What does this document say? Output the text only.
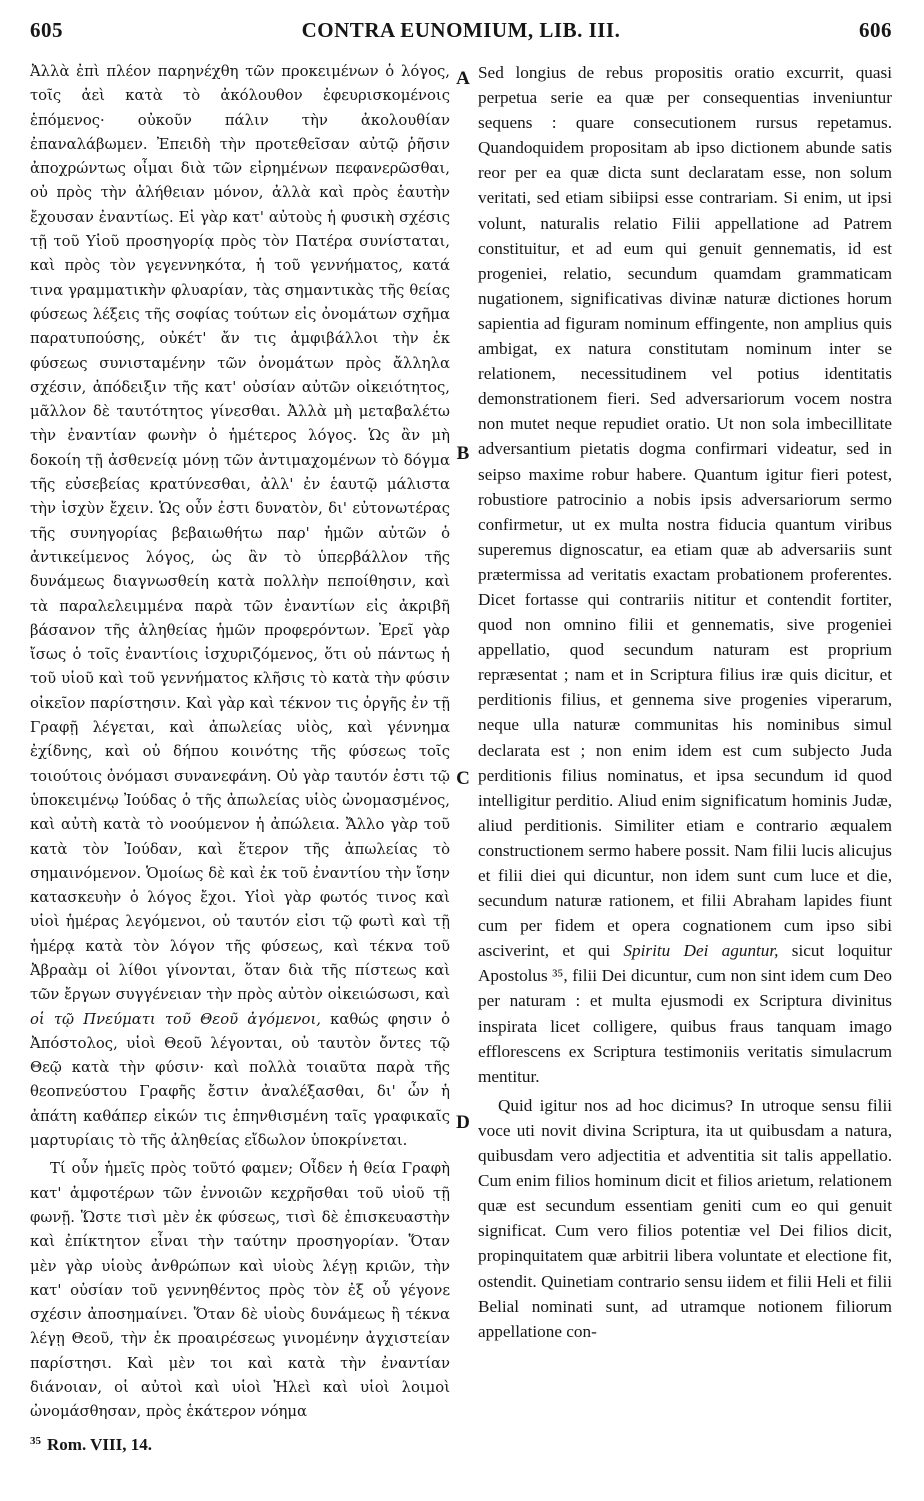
605	CONTRA EUNOMIUM, LIB. III.	606

Ἀλλὰ ἐπὶ πλέον παρηνέχθη τῶν προκειμένων ὁ λόγος, τοῖς ἀεὶ κατὰ τὸ ἀκόλουθον ἐφευρισκομένοις ἑπόμενος· οὐκοῦν πάλιν τὴν ἀκολουθίαν ἐπαναλάβωμεν. Ἐπειδὴ τὴν προτεθεῖσαν αὐτῷ ῥῆσιν ἀποχρώντως οἶμαι διὰ τῶν εἰρημένων πεφανερῶσθαι, οὐ πρὸς τὴν ἀλήθειαν μόνον, ἀλλὰ καὶ πρὸς ἑαυτὴν ἔχουσαν ἐναντίως. Εἰ γὰρ κατ' αὐτοὺς ἡ φυσικὴ σχέσις τῇ τοῦ Υἱοῦ προσηγορίᾳ πρὸς τὸν Πατέρα συνίσταται, καὶ πρὸς τὸν γεγεννηκότα, ἡ τοῦ γεννήματος, κατά τινα γραμματικὴν φλυαρίαν, τὰς σημαντικὰς τῆς θείας φύσεως λέξεις τῆς σοφίας τούτων εἰς ὀνομάτων σχῆμα παρατυπούσης, οὐκέτ' ἄν τις ἀμφιβάλλοι τὴν ἐκ φύσεως συνισταμένην τῶν ὀνομάτων πρὸς ἄλληλα σχέσιν, ἀπόδειξιν τῆς κατ' οὐσίαν αὐτῶν οἰκειότητος, μᾶλλον δὲ ταυτότητος γίνεσθαι. Ἀλλὰ μὴ μεταβαλέτω τὴν ἐναντίαν φωνὴν ὁ ἡμέτερος λόγος. Ὡς ἂν μὴ δοκοίη τῇ ἀσθενείᾳ μόνῃ τῶν ἀντιμαχομένων τὸ δόγμα τῆς εὐσεβείας κρατύνεσθαι, ἀλλ' ἐν ἑαυτῷ μάλιστα τὴν ἰσχὺν ἔχειν. Ὡς οὖν ἐστι δυνατὸν, δι' εὐτονωτέρας τῆς συνηγορίας βεβαιωθήτω παρ' ἡμῶν αὐτῶν ὁ ἀντικείμενος λόγος, ὡς ἂν τὸ ὑπερβάλλον τῆς δυνάμεως διαγνωσθείη κατὰ πολλὴν πεποίθησιν, καὶ τὰ παραλελειμμένα παρὰ τῶν ἐναντίων εἰς ἀκριβῆ βάσανον τῆς ἀληθείας ἡμῶν προφερόντων. Ἐρεῖ γὰρ ἴσως ὁ τοῖς ἐναντίοις ἰσχυριζόμενος, ὅτι οὐ πάντως ἡ τοῦ υἱοῦ καὶ τοῦ γεννήματος κλῆσις τὸ κατὰ τὴν φύσιν οἰκεῖον παρίστησιν. Καὶ γὰρ καὶ τέκνον τις ὀργῆς ἐν τῇ Γραφῇ λέγεται, καὶ ἀπωλείας υἱὸς, καὶ γέννημα ἐχίδνης, καὶ οὐ δήπου κοινότης τῆς φύσεως τοῖς τοιούτοις ὀνόμασι συνανεφάνη. Οὐ γὰρ ταυτόν ἐστι τῷ ὑποκειμένῳ Ἰούδας ὁ τῆς ἀπωλείας υἱὸς ὠνομασμένος, καὶ αὐτὴ κατὰ τὸ νοούμενον ἡ ἀπώλεια. Ἄλλο γὰρ τοῦ κατὰ τὸν Ἰούδαν, καὶ ἕτερον τῆς ἀπωλείας τὸ σημαινόμενον. Ὁμοίως δὲ καὶ ἐκ τοῦ ἐναντίου τὴν ἴσην κατασκευὴν ὁ λόγος ἔχοι. Υἱοὶ γὰρ φωτός τινος καὶ υἱοὶ ἡμέρας λεγόμενοι, οὐ ταυτόν εἰσι τῷ φωτὶ καὶ τῇ ἡμέρᾳ κατὰ τὸν λόγον τῆς φύσεως, καὶ τέκνα τοῦ Ἀβραὰμ οἱ λίθοι γίνονται, ὅταν διὰ τῆς πίστεως καὶ τῶν ἔργων συγγένειαν τὴν πρὸς αὐτὸν οἰκειώσωσι, καὶ οἱ τῷ Πνεύματι τοῦ Θεοῦ ἀγόμενοι, καθώς φησιν ὁ Ἀπόστολος, υἱοὶ Θεοῦ λέγονται, οὐ ταυτὸν ὄντες τῷ Θεῷ κατὰ τὴν φύσιν· καὶ πολλὰ τοιαῦτα παρὰ τῆς θεοπνεύστου Γραφῆς ἔστιν ἀναλέξασθαι, δι' ὧν ἡ ἀπάτη καθάπερ εἰκών τις ἐπηνθισμένη ταῖς γραφικαῖς μαρτυρίαις τὸ τῆς ἀληθείας εἴδωλον ὑποκρίνεται.

Τί οὖν ἡμεῖς πρὸς τοῦτό φαμεν; Οἶδεν ἡ θεία Γραφὴ κατ' ἀμφοτέρων τῶν ἐννοιῶν κεχρῆσθαι τοῦ υἱοῦ τῇ φωνῇ. Ὥστε τισὶ μὲν ἐκ φύσεως, τισὶ δὲ ἐπισκευαστὴν καὶ ἐπίκτητον εἶναι τὴν ταύτην προσηγορίαν. Ὅταν μὲν γὰρ υἱοὺς ἀνθρώπων καὶ υἱοὺς λέγῃ κριῶν, τὴν κατ' οὐσίαν τοῦ γεννηθέντος πρὸς τὸν ἐξ οὗ γέγονε σχέσιν ἀποσημαίνει. Ὅταν δὲ υἱοὺς δυνάμεως ἢ τέκνα λέγῃ Θεοῦ, τὴν ἐκ προαιρέσεως γινομένην ἀγχιστείαν παρίστησι. Καὶ μὲν τοι καὶ κατὰ τὴν ἐναντίαν διάνοιαν, οἱ αὐτοὶ καὶ υἱοὶ Ἠλεὶ καὶ υἱοὶ λοιμοὶ ὠνομάσθησαν, πρὸς ἑκάτερον νόημα

A
B
C
D

Sed longius de rebus propositis oratio excurrit, quasi perpetua serie ea quæ per consequentias inveniuntur sequens : quare consecutionem rursus repetamus. Quandoquidem propositam ab ipso dictionem abunde satis reor per ea quæ dicta sunt declaratam esse, non solum veritati, sed etiam sibiipsi esse contrariam. Si enim, ut ipsi volunt, naturalis relatio Filii appellatione ad Patrem constituitur, et ad eum qui genuit gennematis, id est progeniei, relatio, secundum quamdam grammaticam nugationem, significativas divinæ naturæ dictiones horum sapientia ad figuram nominum effingente, non amplius quis ambigat, ex natura constitutam nominum inter se relationem, necessitudinem vel potius identitatis demonstrationem fieri. Sed adversariorum vocem nostra non mutet neque repudiet oratio. Ut non sola imbecillitate adversantium pietatis dogma confirmari videatur, sed in seipso maxime robur habere. Quantum igitur fieri potest, robustiore patrocinio a nobis ipsis adversariorum sermo confirmetur, ut ex multa nostra fiducia quantum viribus superemus dignoscatur, ea etiam quæ ab adversariis sunt prætermissa ad veritatis exactam probationem proferentes. Dicet fortasse qui contrariis nititur et contendit fortiter, quod non omnino filii et gennematis, sive progeniei appellatio, quod secundum naturam est proprium repræsentat ; nam et in Scriptura filius iræ quis dicitur, et perditionis filius, et gennema sive progenies viperarum, neque ulla naturæ communitas his nominibus simul declarata est ; non enim idem est cum subjecto Juda perditionis filius nominatus, et ipsa secundum id quod intelligitur perditio. Aliud enim significatum hominis Judæ, aliud perditionis. Similiter etiam e contrario æqualem constructionem sermo habere possit. Nam filii lucis alicujus et filii diei qui dicuntur, non idem sunt cum luce et die, secundum naturæ rationem, et filii Abraham lapides fiunt cum per fidem et opera cognationem cum ipso sibi asciverint, et qui Spiritu Dei aguntur, sicut loquitur Apostolus ³⁵, filii Dei dicuntur, cum non sint idem cum Deo per naturam : et multa ejusmodi ex Scriptura divinitus inspirata licet colligere, quibus fraus tanquam imago efflorescens ex Scriptura testimoniis veritatis simulacrum mentitur.

Quid igitur nos ad hoc dicimus? In utroque sensu filii voce uti novit divina Scriptura, ita ut quibusdam a natura, quibusdam vero adjectitia et adventitia sit talis appellatio. Cum enim filios hominum dicit et filios arietum, relationem quæ est secundum essentiam geniti cum eo qui genuit significat. Cum vero filios potentiæ vel Dei filios dicit, propinquitatem quæ arbitrii libera voluntate et electione fit, ostendit. Quinetiam contrario sensu iidem et filii Heli et filii Belial nominati sunt, ad utramque notionem filiorum appellatione con-

$^{35}$ Rom. VIII, 14.
